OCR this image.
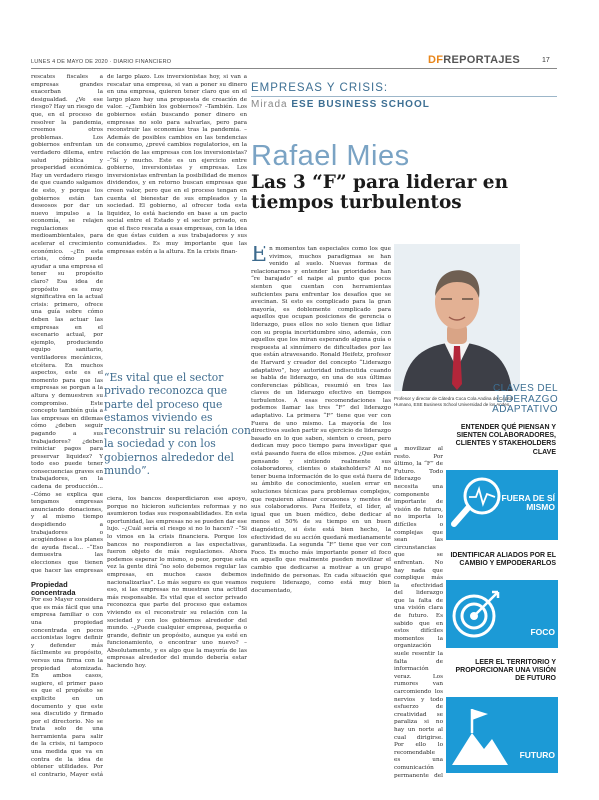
LUNES 4 DE MAYO DE 2020 · DIARIO FINANCIERO	DFREPORTAJES	17

rescates fiscales a empresas grandes exacerban la desigualdad. ¿Ve ese riesgo? Hay un riesgo de que, en el proceso de resolver la pandemia, creemos otros problemas. Los gobiernos enfrentan un verdadero dilema, entre salud pública y prosperidad económica. Hay un verdadero riesgo de que cuando salgamos de esto, y porque los gobiernos están tan deseosos por dar un nuevo impulso a la economía, se relajen regulaciones medioambientales, para acelerar el crecimiento económico. –¿En esta crisis, cómo puede ayudar a una empresa el tener su propósito claro? Esa idea de propósito es muy significativa en la actual crisis: primero, ofrece una guía sobre cómo deben las actuar las empresas en el escenario actual, por ejemplo, produciendo equipo sanitario, ventiladores mecánicos, etcétera. En muchos aspectos, este es el momento para que las empresas se porgan a la altura y demuestren su compromiso. Este concepto también guía a las empresas en dilemas cómo ¿deben seguir pagando a sus trabajadores? ¿deben reiniciar pagos para preservar liquidez? Y todo eso puede tener consecuencias graves en trabajadores, en la cadena de producción... –Cómo se explica que tengamos empresas anunciando donaciones, y al mismo tiempo despidiendo a trabajadores o acogiéndose a los planes de ayuda fiscal... –“Eso demuestra las elecciones que tienen que hacer las empresas

Propiedad concentrada

Por eso Mayer considera que es más fácil que una empresa familiar o con una propiedad concentrada en pocos accionistas logre definir y defender más fácilmente su propósito, versus una firma con la propiedad atomizada. En ambos casos, sugiere, el primer paso es que el propósito se explicite en un documento y que este sea discutido y firmado por el directorio. No se trata solo de una herramienta para salir de la crisis, ni tampoco una medida que va en contra de la idea de obtener utilidades. Por el contrario, Mayer está

de largo plazo. Los inversionistas hoy, si van a rescatar una empresa, si van a poner su dinero en una empresa, quieren tener claro que en el largo plazo hay una propuesta de creación de valor. –¿También los gobiernos? –También. Los gobiernos están buscando poner dinero en empresas no solo para salvarlas, pero para reconstruir las economías tras la pandemia. –Además de posibles cambios en las tendencias de consumo, ¿prevé cambios regulatorios, en la relación de las empresas con los inversionistas? –“Sí y mucho. Este es un ejercicio entre gobierno, inversionistas y empresas. Los inversionistas enfrentan la posibilidad de menos dividendos, y en retorno buscan empresas que creen valor, pero que en el proceso tengan en cuenta el bienestar de sus empleados y la sociedad. El gobierno, al ofrecer toda esta liquidez, lo está haciendo en base a un pacto social entre el Estado y el sector privado, en que el fisco rescata a esas empresas, con la idea de que éstas cuiden a sus trabajadores y sus comunidades. Es muy importante que las empresas estén a la altura. En la crisis finan-

“Es vital que el sector privado reconozca que parte del proceso que estamos viviendo es reconstruir su relación con la sociedad y con los gobiernos alrededor del mundo”.

ciera, los bancos desperdiciaron ese apoyo, porque no hicieron suficientes reformas y no asumieron todas sus responsabilidades. En esta oportunidad, las empresas no se pueden dar ese lujo. –¿Cuál sería el riesgo si no lo hacen? –“Si lo vimos en la crisis financiera. Porque los bancos no respondieron a las expectativas, fueron objeto de más regulaciones. Ahora podemos esperar lo mismo, o peor, porque esta vez la gente dirá “no solo debemos regular las empresas, en muchos casos debemos nacionalizarlas”. Lo más seguro es que veamos eso, si las empresas no muestran una actitud más responsable. Es vital que el sector privado reconozca que parte del proceso que estamos viviendo es el reconstruir su relación con la sociedad y con los gobiernos alrededor del mundo. –¿Puede cualquier empresa, pequeña o grande, definir un propósito, aunque ya esté en funcionamiento, o encontrar uno nuevo? –Absolutamente, y es algo que la mayoría de las empresas alrededor del mundo debería estar haciendo hoy.

EMPRESAS Y CRISIS:
Mirada ESE BUSINESS SCHOOL
Rafael Mies
Las 3 “F” para liderar en tiempos turbulentos

En momentos tan especiales como los que vivimos, muchos paradigmas se han venido al suelo. Nuevas formas de relacionarnos y entender las prioridades han “re barajado” el naipe al punto que pocos sienten que cuentan con herramientas suficientes para enfrentar los desafíos que se avecinan. Si esto es complicado para la gran mayoría, es doblemente complicado para aquellos que ocupan posiciones de gerencia o liderazgo, pues ellos no solo tienen que lidiar con su propia incertidumbre sino, además, con aquellos que los miran esperando alguna guía o respuesta al sinnúmero de dificultades por las que están atravesando. Ronald Heifetz, profesor de Harvard y creador del concepto “Liderazgo adaptativo”, hoy autoridad indiscutida cuando se habla de liderazgo, en una de sus últimas conferencias públicas, resumió en tres las claves de un liderazgo efectivo en tiempos turbulentos. A esas recomendaciones las podemos llamar las tres “F” del liderazgo adaptativo. La primera “F” tiene que ver con Fuera de uno mismo. La mayoría de los directivos suelen partir su ejercicio de liderazgo basado en lo que saben, sienten o creen, pero dedican muy poco tiempo para investigar que está pasando fuera de ellos mismos. ¿Que están pensando y sintiendo realmente sus colaboradores, clientes o stakeholders? Al no tener buena información de lo que está fuera de su ámbito de conocimiento, suelen errar en soluciones técnicas para problemas complejos, que requieren alinear corazones y mentes de sus colaboradores. Para Heifetz, el líder, al igual que un buen médico, debe dedicar al menos el 50% de su tiempo en un buen diagnóstico, si éste está bien hecho, la efectividad de su acción quedará medianamente garantizada. La segunda “F” tiene que ver con Foco. Es mucho más importante poner el foco en aquello que realmente pueden movilizar el cambio que dedicarse a motivar a un grupo indefinido de personas. En cada situación que requiere liderazgo, como está muy bien documentado,

Profesor y director de Cátedra Coca Cola Andina de Capital Humano, ESE Business School Universidad de los Andes.

a movilizar al resto. Por último, la “F” de Futuro. Todo liderazgo necesita una componente importante de visión de futuro, no importa lo difíciles o complejas que sean las circunstancias que se enfrentan. No hay nada que complique más la efectividad del liderazgo que la falta de una visión clara de futuro. Es sabido que en estos difíciles momentos la organización suele resentir la falta de información veraz. Los rumores van carcomiendo los nervios y todo esfuerzo de creatividad se paraliza si no hay un norte al cual dirigirse. Por ello lo recomendable es una comunicación permanente del

CLAVES DEL LIDERAZGO ADAPTATIVO
ENTENDER QUÉ PIENSAN Y SIENTEN COLABORADORES, CLIENTES Y STAKEHOLDERS CLAVE
FUERA DE SÍ MISMO
IDENTIFICAR ALIADOS POR EL CAMBIO Y EMPODERARLOS
FOCO
LEER EL TERRITORIO Y PROPORCIONAR UNA VISIÓN DE FUTURO
FUTURO
